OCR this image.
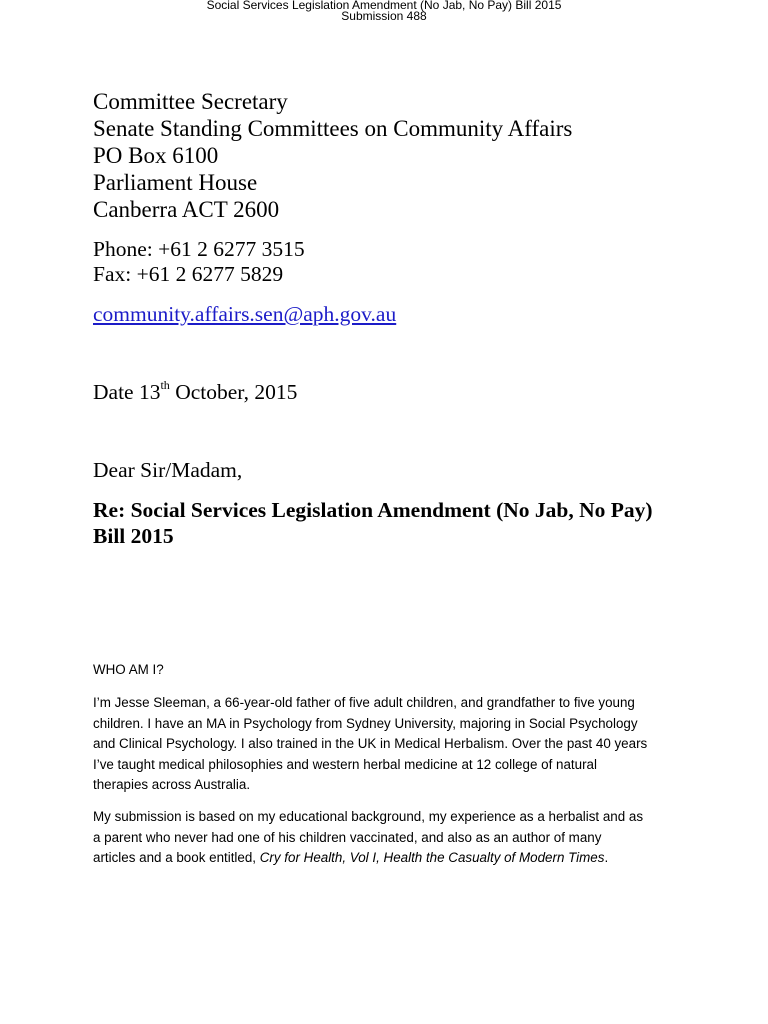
Social Services Legislation Amendment (No Jab, No Pay) Bill 2015
Submission 488
Committee Secretary
Senate Standing Committees on Community Affairs
PO Box 6100
Parliament House
Canberra ACT 2600
Phone: +61 2 6277 3515
Fax: +61 2 6277 5829
community.affairs.sen@aph.gov.au
Date 13th October, 2015
Dear Sir/Madam,
Re: Social Services Legislation Amendment (No Jab, No Pay) Bill 2015
WHO AM I?
I’m Jesse Sleeman, a 66-year-old father of five adult children, and grandfather to five young
children. I have an MA in Psychology from Sydney University, majoring in Social Psychology
and Clinical Psychology. I also trained in the UK in Medical Herbalism. Over the past 40 years
I’ve taught medical philosophies and western herbal medicine at 12 college of natural
therapies across Australia.
My submission is based on my educational background, my experience as a herbalist and as
a parent who never had one of his children vaccinated, and also as an author of many
articles and a book entitled, Cry for Health, Vol I, Health the Casualty of Modern Times.
